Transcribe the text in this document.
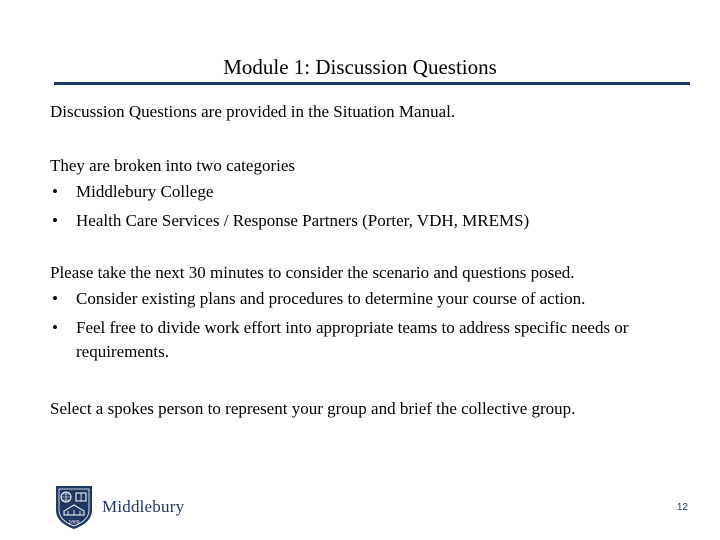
Module 1: Discussion Questions

Discussion Questions are provided in the Situation Manual.

They are broken into two categories

• Middlebury College
• Health Care Services / Response Partners (Porter, VDH, MREMS)

Please take the next 30 minutes to consider the scenario and questions posed.

• Consider existing plans and procedures to determine your course of action.
• Feel free to divide work effort into appropriate teams to address specific needs or requirements.

Select a spokes person to represent your group and brief the collective group.

1800
Middlebury	12
